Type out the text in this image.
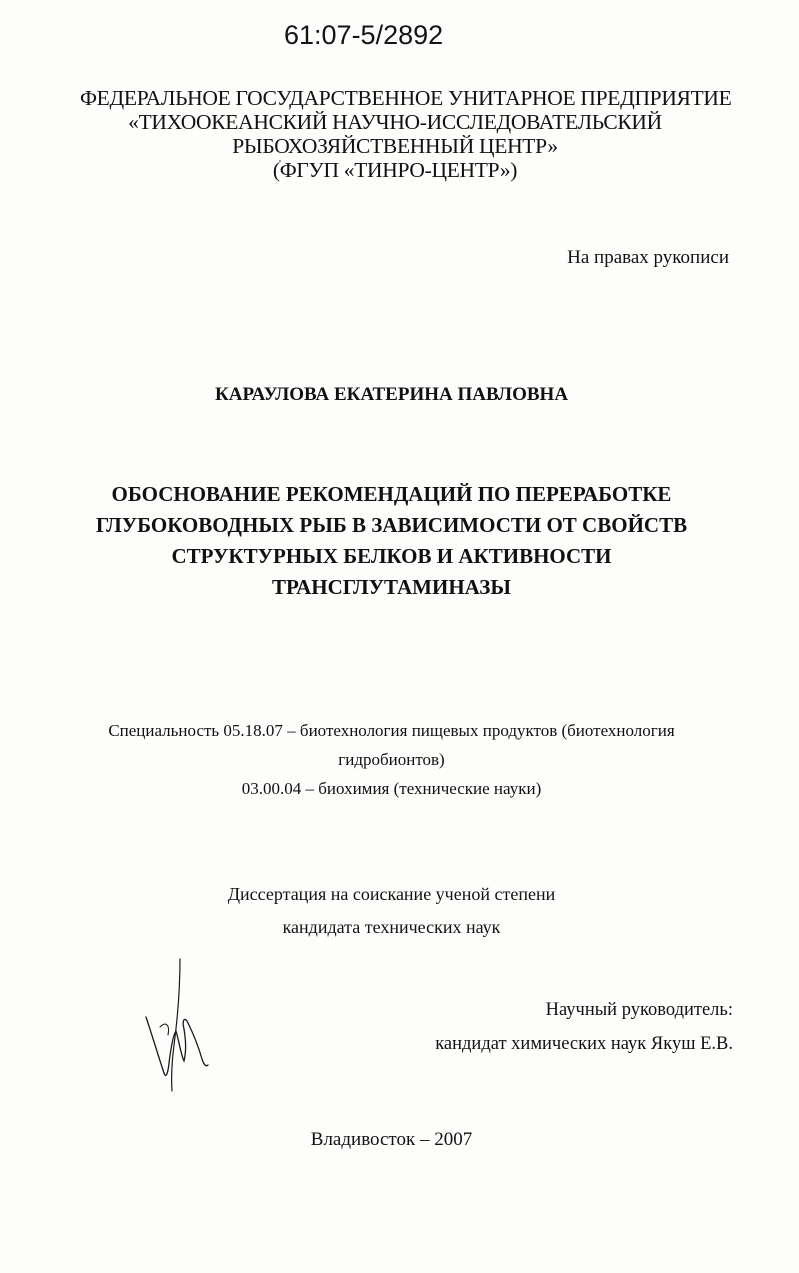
61:07-5/2892
ФЕДЕРАЛЬНОЕ ГОСУДАРСТВЕННОЕ УНИТАРНОЕ ПРЕДПРИЯТИЕ
«ТИХООКЕАНСКИЙ НАУЧНО-ИССЛЕДОВАТЕЛЬСКИЙ
РЫБОХОЗЯЙСТВЕННЫЙ ЦЕНТР»
(ФГУП «ТИНРО-ЦЕНТР»)
На правах рукописи
КАРАУЛОВА ЕКАТЕРИНА ПАВЛОВНА
ОБОСНОВАНИЕ РЕКОМЕНДАЦИЙ ПО ПЕРЕРАБОТКЕ
ГЛУБОКОВОДНЫХ РЫБ В ЗАВИСИМОСТИ ОТ СВОЙСТВ
СТРУКТУРНЫХ БЕЛКОВ И АКТИВНОСТИ
ТРАНСГЛУТАМИНАЗЫ
Специальность 05.18.07 – биотехнология пищевых продуктов (биотехнология
гидробионтов)
03.00.04 – биохимия (технические науки)
Диссертация на соискание ученой степени
кандидата технических наук
Научный руководитель:
кандидат химических наук Якуш Е.В.
Владивосток – 2007
